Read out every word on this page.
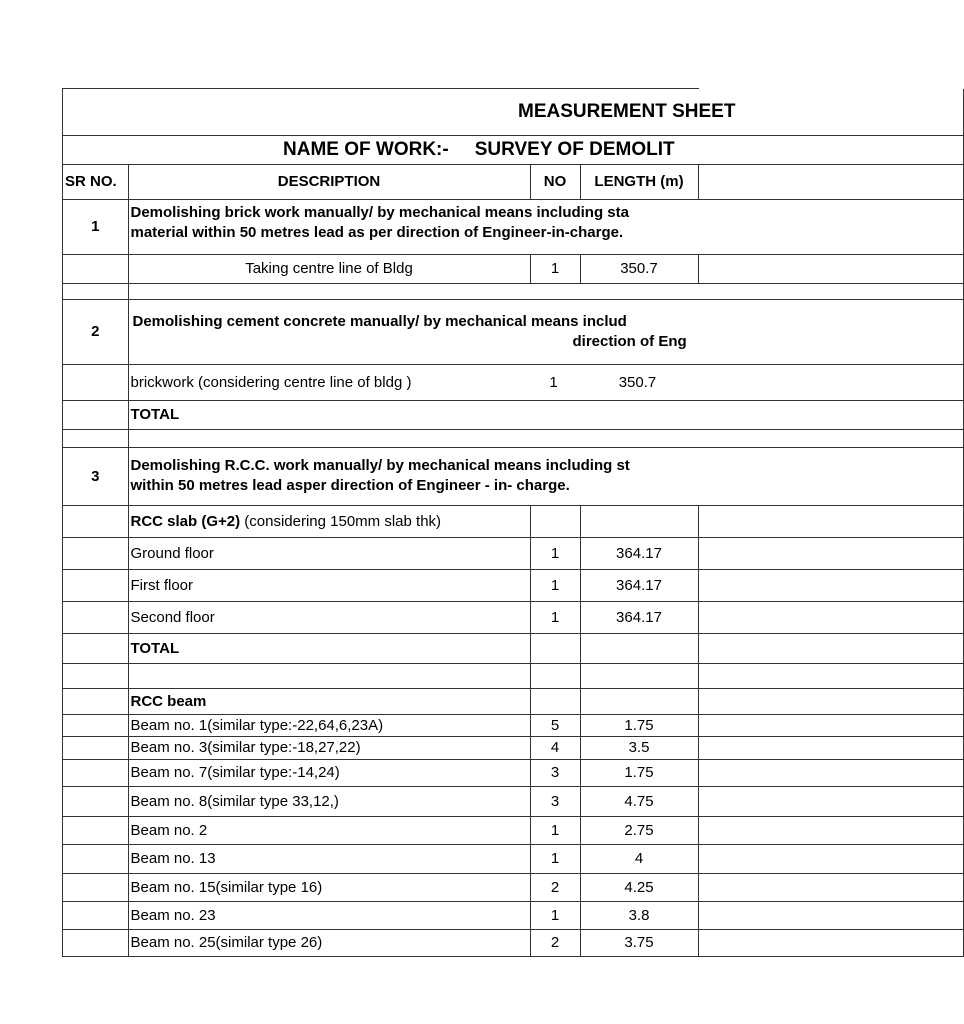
MEASUREMENT SHEET				
NAME OF WORK:- SURVEY OF DEMOLIT				
SR NO.	DESCRIPTION	NO	LENGTH (m)	
1	Demolishing brick work manually/ by mechanical means including sta
material within 50 metres lead as per direction of Engineer-in-charge.			

	Taking centre line of Bldg	1	350.7	

2	Demolishing cement concrete manually/ by mechanical means includ
direction of Eng			

	brickwork (considering centre line of bldg ) 1 350.7			
	TOTAL			

3	Demolishing R.C.C. work manually/ by mechanical means including st
within 50 metres lead asper direction of Engineer - in- charge.			

	RCC slab (G+2) (considering 150mm slab thk)			
	Ground floor	1	364.17	
	First floor	1	364.17	
	Second floor	1	364.17	
	TOTAL			

	RCC beam			
	Beam no. 1(similar type:-22,64,6,23A)	5	1.75	
	Beam no. 3(similar type:-18,27,22)	4	3.5	
	Beam no. 7(similar type:-14,24)	3	1.75	
	Beam no. 8(similar type 33,12,)	3	4.75	
	Beam no. 2	1	2.75	
	Beam no. 13	1	4	
	Beam no. 15(similar type 16)	2	4.25	
	Beam no. 23	1	3.8	
	Beam no. 25(similar type 26)	2	3.75	
